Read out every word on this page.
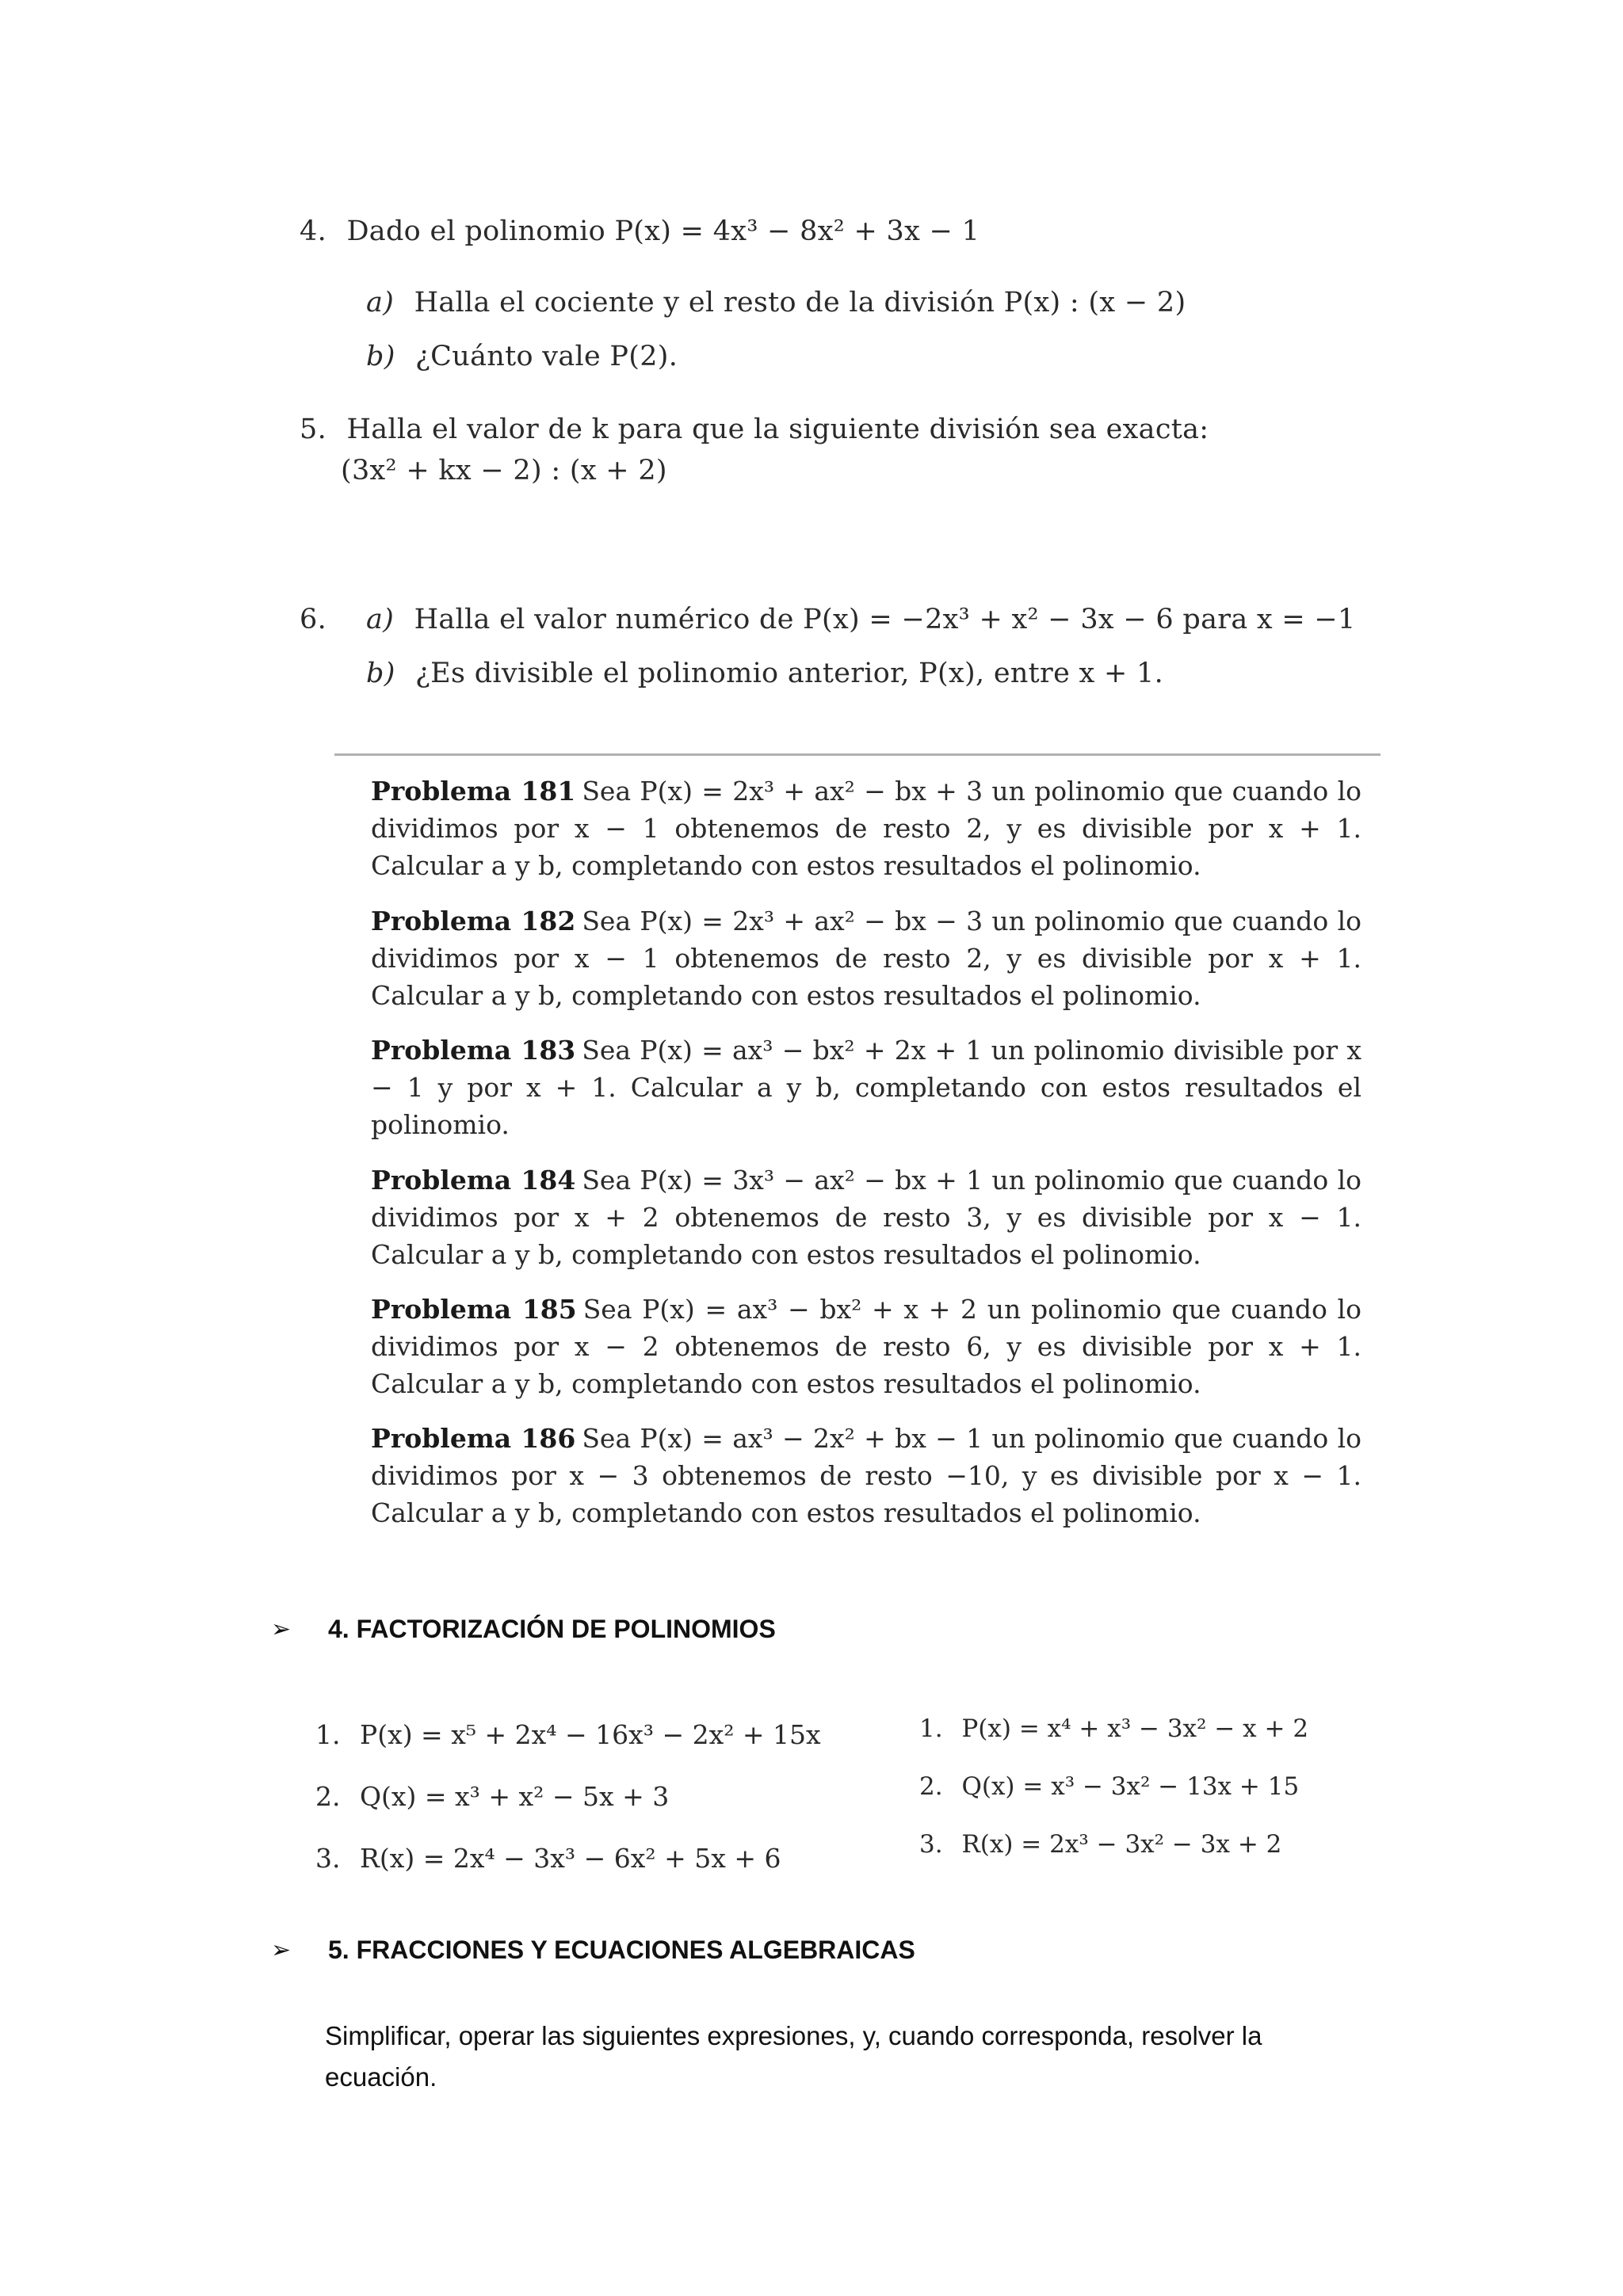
4. Dado el polinomio P(x) = 4x³ − 8x² + 3x − 1
a) Halla el cociente y el resto de la división P(x) : (x − 2)
b) ¿Cuánto vale P(2).
5. Halla el valor de k para que la siguiente división sea exacta:
(3x² + kx − 2) : (x + 2)
6. a) Halla el valor numérico de P(x) = −2x³ + x² − 3x − 6 para x = −1
b) ¿Es divisible el polinomio anterior, P(x), entre x + 1.
Problema 181 Sea P(x) = 2x³ + ax² − bx + 3 un polinomio que cuando lo dividimos por x − 1 obtenemos de resto 2, y es divisible por x + 1. Calcular a y b, completando con estos resultados el polinomio.
Problema 182 Sea P(x) = 2x³ + ax² − bx − 3 un polinomio que cuando lo dividimos por x − 1 obtenemos de resto 2, y es divisible por x + 1. Calcular a y b, completando con estos resultados el polinomio.
Problema 183 Sea P(x) = ax³ − bx² + 2x + 1 un polinomio divisible por x − 1 y por x + 1. Calcular a y b, completando con estos resultados el polinomio.
Problema 184 Sea P(x) = 3x³ − ax² − bx + 1 un polinomio que cuando lo dividimos por x + 2 obtenemos de resto 3, y es divisible por x − 1. Calcular a y b, completando con estos resultados el polinomio.
Problema 185 Sea P(x) = ax³ − bx² + x + 2 un polinomio que cuando lo dividimos por x − 2 obtenemos de resto 6, y es divisible por x + 1. Calcular a y b, completando con estos resultados el polinomio.
Problema 186 Sea P(x) = ax³ − 2x² + bx − 1 un polinomio que cuando lo dividimos por x − 3 obtenemos de resto −10, y es divisible por x − 1. Calcular a y b, completando con estos resultados el polinomio.
➢ 4. FACTORIZACIÓN DE POLINOMIOS
1. P(x) = x⁵ + 2x⁴ − 16x³ − 2x² + 15x
2. Q(x) = x³ + x² − 5x + 3
3. R(x) = 2x⁴ − 3x³ − 6x² + 5x + 6
1. P(x) = x⁴ + x³ − 3x² − x + 2
2. Q(x) = x³ − 3x² − 13x + 15
3. R(x) = 2x³ − 3x² − 3x + 2
➢ 5. FRACCIONES Y ECUACIONES ALGEBRAICAS
Simplificar, operar las siguientes expresiones, y, cuando corresponda, resolver la ecuación.
